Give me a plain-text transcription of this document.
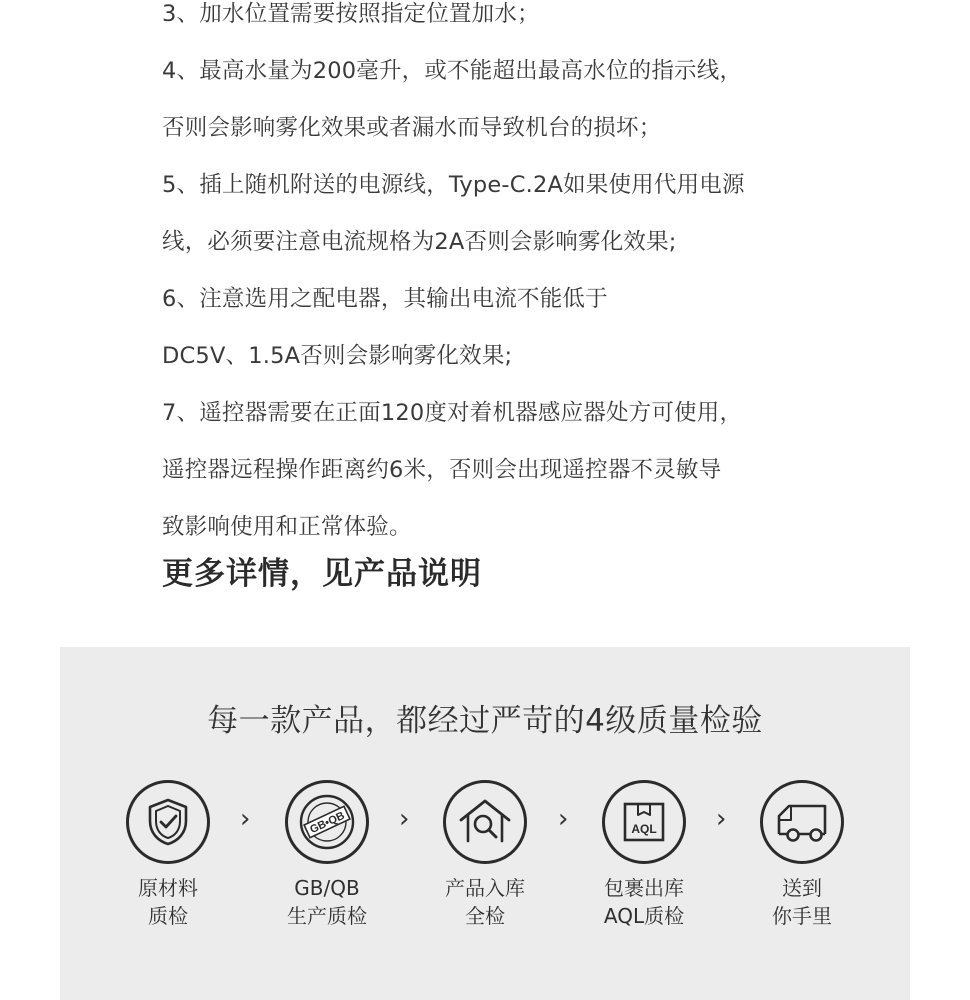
3、加水位置需要按照指定位置加水；
4、最高水量为200毫升，或不能超出最高水位的指示线，
否则会影响雾化效果或者漏水而导致机台的损坏；
5、插上随机附送的电源线，Type-C.2A如果使用代用电源
线，必须要注意电流规格为2A否则会影响雾化效果;
6、注意选用之配电器，其输出电流不能低于
DC5V、1.5A否则会影响雾化效果;
7、遥控器需要在正面120度对着机器感应器处方可使用，
遥控器远程操作距离约6米，否则会出现遥控器不灵敏导
致影响使用和正常体验。
更多详情，见产品说明
每一款产品，都经过严苛的4级质量检验
原材料
质检
›	GB•QB
GB/QB
生产质检
›
产品入库
全检
›	AQL
包裹出库
AQL质检
›
送到
你手里
